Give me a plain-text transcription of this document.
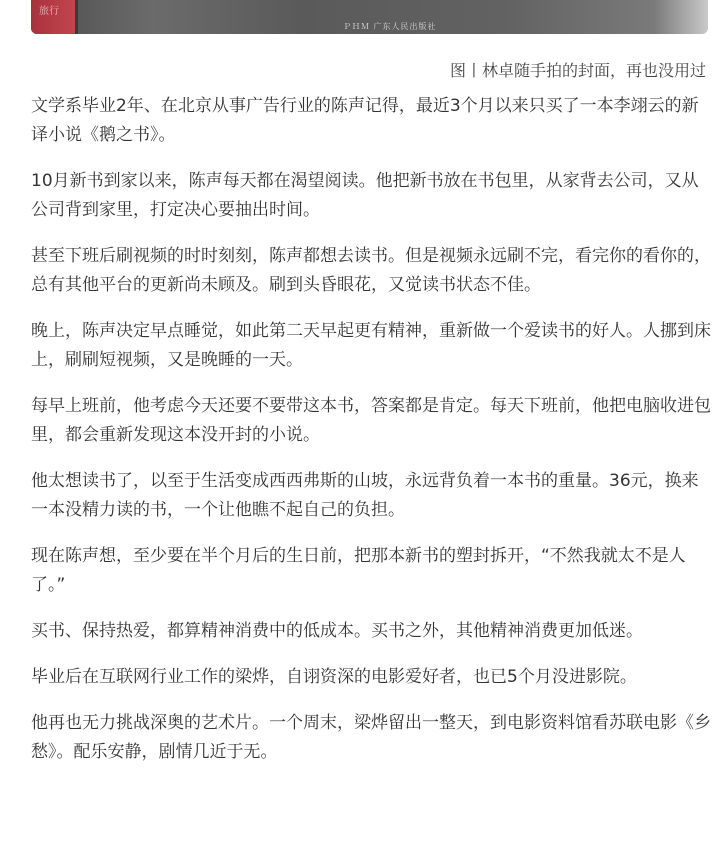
旅行
ＰＨＭ 广东人民出版社
图丨林卓随手拍的封面，再也没用过

文学系毕业2年、在北京从事广告行业的陈声记得，最近3个月以来只买了一本李翊云的新译小说《鹅之书》。

10月新书到家以来，陈声每天都在渴望阅读。他把新书放在书包里，从家背去公司，又从公司背到家里，打定决心要抽出时间。

甚至下班后刷视频的时时刻刻，陈声都想去读书。但是视频永远刷不完，看完你的看你的，总有其他平台的更新尚未顾及。刷到头昏眼花，又觉读书状态不佳。

晚上，陈声决定早点睡觉，如此第二天早起更有精神，重新做一个爱读书的好人。人挪到床上，刷刷短视频，又是晚睡的一天。

每早上班前，他考虑今天还要不要带这本书，答案都是肯定。每天下班前，他把电脑收进包里，都会重新发现这本没开封的小说。

他太想读书了，以至于生活变成西西弗斯的山坡，永远背负着一本书的重量。36元，换来一本没精力读的书，一个让他瞧不起自己的负担。

现在陈声想，至少要在半个月后的生日前，把那本新书的塑封拆开，“不然我就太不是人了。”

买书、保持热爱，都算精神消费中的低成本。买书之外，其他精神消费更加低迷。

毕业后在互联网行业工作的梁烨，自诩资深的电影爱好者，也已5个月没进影院。

他再也无力挑战深奥的艺术片。一个周末，梁烨留出一整天，到电影资料馆看苏联电影《乡愁》。配乐安静，剧情几近于无。
